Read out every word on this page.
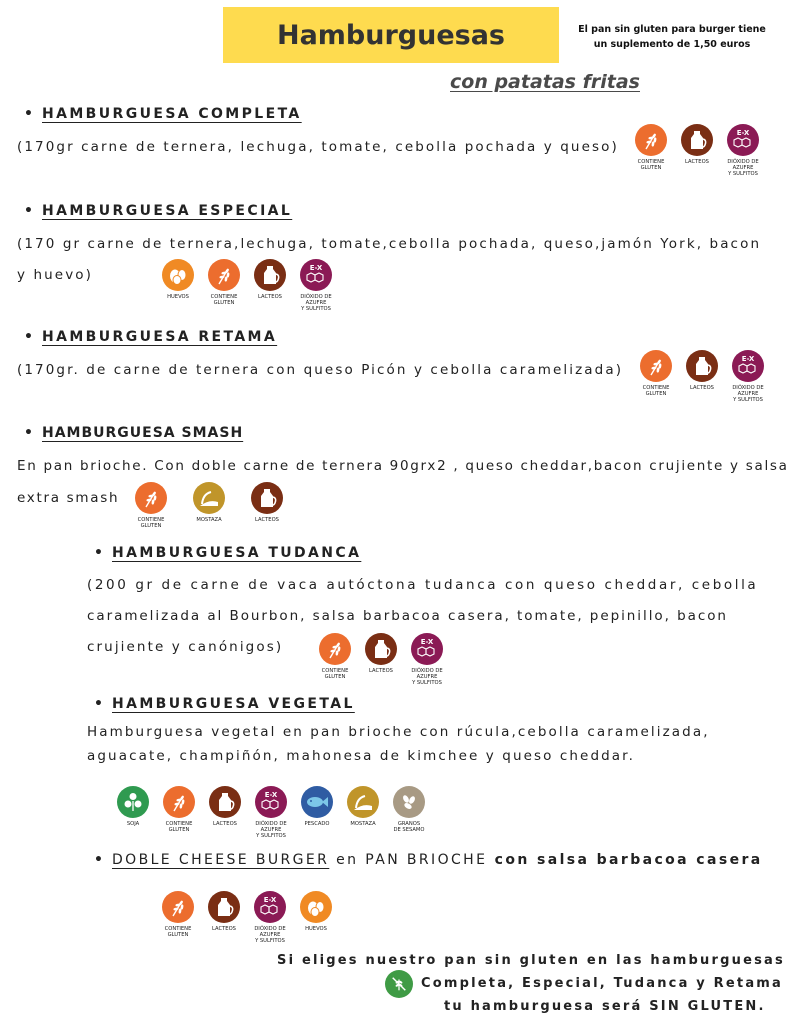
Hamburguesas	El pan sin gluten para burger tiene un suplemento de 1,50 euros
con patatas fritas
• HAMBURGUESA COMPLETA
(170gr carne de ternera, lechuga, tomate, cebolla pochada y queso)
CONTIENE
GLUTEN
LACTEOS
E-X
DIÓXIDO DE AZUFRE
Y SULFITOS
• HAMBURGUESA ESPECIAL
(170 gr carne de ternera,lechuga, tomate,cebolla pochada, queso,jamón York, bacon
y huevo)
HUEVOS	CONTIENE
GLUTEN
LACTEOS
E-X
DIÓXIDO DE AZUFRE
Y SULFITOS
• HAMBURGUESA RETAMA
(170gr. de carne de ternera con queso Picón y cebolla caramelizada)
CONTIENE
GLUTEN
LACTEOS
E-X
DIÓXIDO DE AZUFRE
Y SULFITOS
• HAMBURGUESA SMASH
En pan brioche. Con doble carne de ternera 90grx2 , queso cheddar,bacon crujiente y salsa
extra smash
CONTIENE
GLUTEN
MOSTAZA	LACTEOS
• HAMBURGUESA TUDANCA
(200 gr de carne de vaca autóctona tudanca con queso cheddar, cebolla
caramelizada al Bourbon, salsa barbacoa casera, tomate, pepinillo, bacon
crujiente y canónigos)
CONTIENE
GLUTEN
LACTEOS
E-X
DIÓXIDO DE AZUFRE
Y SULFITOS
• HAMBURGUESA VEGETAL
Hamburguesa vegetal en pan brioche con rúcula,cebolla caramelizada,
aguacate, champiñón, mahonesa de kimchee y queso cheddar.
SOJA	CONTIENE
GLUTEN
LACTEOS
E-X
DIÓXIDO DE AZUFRE
Y SULFITOS
PESCADO	MOSTAZA	GRANOS
DE SESAMO
• DOBLE CHEESE BURGER en PAN BRIOCHE con salsa barbacoa casera
CONTIENE
GLUTEN
LACTEOS
E-X
DIÓXIDO DE AZUFRE
Y SULFITOS
HUEVOS
Si eliges nuestro pan sin gluten en las hamburguesas
Completa, Especial, Tudanca y Retama
tu hamburguesa será SIN GLUTEN.
